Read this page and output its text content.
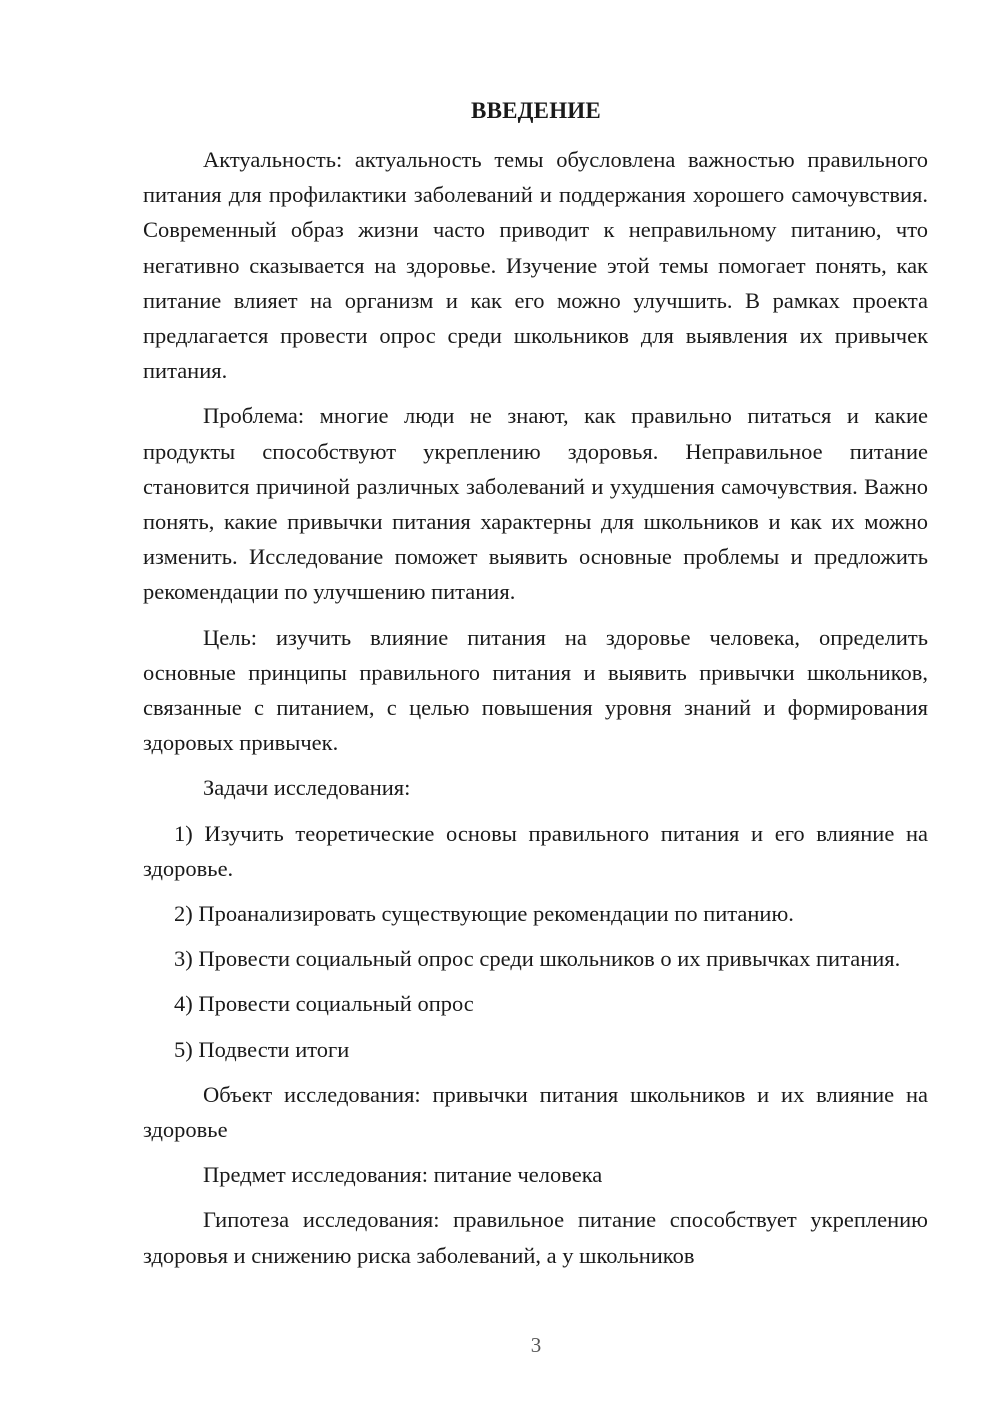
ВВЕДЕНИЕ

Актуальность: актуальность темы обусловлена важностью правильного питания для профилактики заболеваний и поддержания хорошего самочувствия. Современный образ жизни часто приводит к неправильному питанию, что негативно сказывается на здоровье. Изучение этой темы помогает понять, как питание влияет на организм и как его можно улучшить. В рамках проекта предлагается провести опрос среди школьников для выявления их привычек питания.

Проблема: многие люди не знают, как правильно питаться и какие продукты способствуют укреплению здоровья. Неправильное питание становится причиной различных заболеваний и ухудшения самочувствия. Важно понять, какие привычки питания характерны для школьников и как их можно изменить. Исследование поможет выявить основные проблемы и предложить рекомендации по улучшению питания.

Цель: изучить влияние питания на здоровье человека, определить основные принципы правильного питания и выявить привычки школьников, связанные с питанием, с целью повышения уровня знаний и формирования здоровых привычек.

Задачи исследования:

1) Изучить теоретические основы правильного питания и его влияние на здоровье.

2) Проанализировать существующие рекомендации по питанию.

3) Провести социальный опрос среди школьников о их привычках питания.

4) Провести социальный опрос

5) Подвести итоги

Объект исследования: привычки питания школьников и их влияние на здоровье

Предмет исследования: питание человека

Гипотеза исследования: правильное питание способствует укреплению здоровья и снижению риска заболеваний, а у школьников

3
